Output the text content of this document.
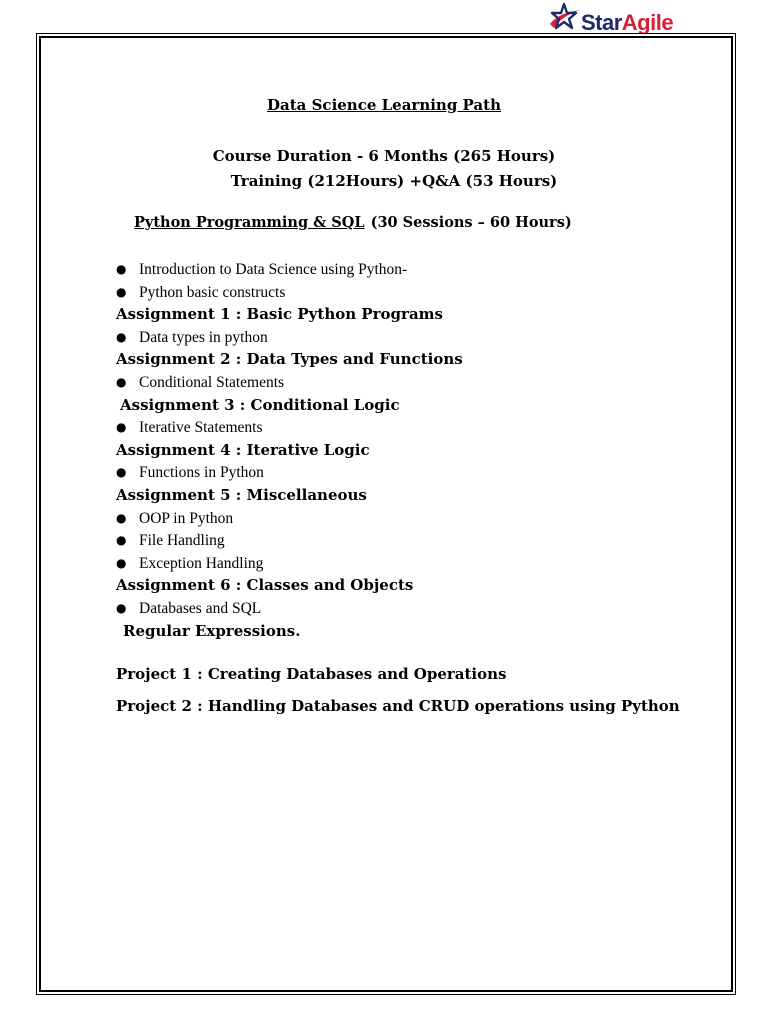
StarAgile
Data Science Learning Path
Course Duration - 6 Months (265 Hours)
Training (212Hours) +Q&A (53 Hours)
Python Programming & SQL (30 Sessions – 60 Hours)
● Introduction to Data Science using Python-
● Python basic constructs
Assignment 1 : Basic Python Programs
● Data types in python
Assignment 2 : Data Types and Functions
● Conditional Statements
Assignment 3 : Conditional Logic
● Iterative Statements
Assignment 4 : Iterative Logic
● Functions in Python
Assignment 5 : Miscellaneous
● OOP in Python
● File Handling
● Exception Handling
Assignment 6 : Classes and Objects
● Databases and SQL
Regular Expressions.
Project 1 : Creating Databases and Operations
Project 2 : Handling Databases and CRUD operations using Python
